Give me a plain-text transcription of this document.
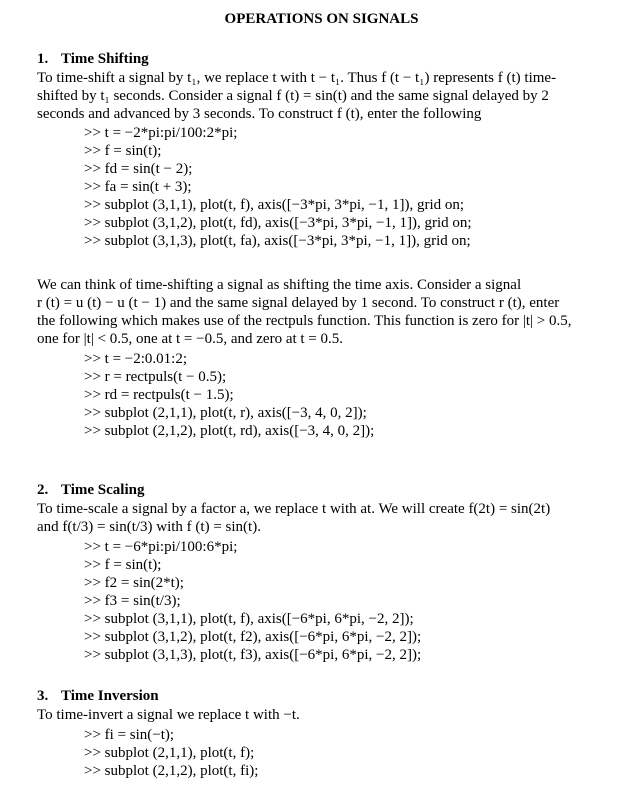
OPERATIONS ON SIGNALS
1. Time Shifting
To time-shift a signal by t₁, we replace t with t − t₁. Thus f (t − t₁) represents f (t) time-
shifted by t₁ seconds. Consider a signal f (t) = sin(t) and the same signal delayed by 2
seconds and advanced by 3 seconds. To construct f (t), enter the following
>> t = −2*pi:pi/100:2*pi;
>> f = sin(t);
>> fd = sin(t − 2);
>> fa = sin(t + 3);
>> subplot (3,1,1), plot(t, f), axis([−3*pi, 3*pi, −1, 1]), grid on;
>> subplot (3,1,2), plot(t, fd), axis([−3*pi, 3*pi, −1, 1]), grid on;
>> subplot (3,1,3), plot(t, fa), axis([−3*pi, 3*pi, −1, 1]), grid on;
We can think of time-shifting a signal as shifting the time axis. Consider a signal
r (t) = u (t) − u (t − 1) and the same signal delayed by 1 second. To construct r (t), enter
the following which makes use of the rectpuls function. This function is zero for |t| > 0.5,
one for |t| < 0.5, one at t = −0.5, and zero at t = 0.5.
>> t = −2:0.01:2;
>> r = rectpuls(t − 0.5);
>> rd = rectpuls(t − 1.5);
>> subplot (2,1,1), plot(t, r), axis([−3, 4, 0, 2]);
>> subplot (2,1,2), plot(t, rd), axis([−3, 4, 0, 2]);
2. Time Scaling
To time-scale a signal by a factor a, we replace t with at. We will create f(2t) = sin(2t)
and f(t/3) = sin(t/3) with f (t) = sin(t).
>> t = −6*pi:pi/100:6*pi;
>> f = sin(t);
>> f2 = sin(2*t);
>> f3 = sin(t/3);
>> subplot (3,1,1), plot(t, f), axis([−6*pi, 6*pi, −2, 2]);
>> subplot (3,1,2), plot(t, f2), axis([−6*pi, 6*pi, −2, 2]);
>> subplot (3,1,3), plot(t, f3), axis([−6*pi, 6*pi, −2, 2]);
3. Time Inversion
To time-invert a signal we replace t with −t.
>> fi = sin(−t);
>> subplot (2,1,1), plot(t, f);
>> subplot (2,1,2), plot(t, fi);
